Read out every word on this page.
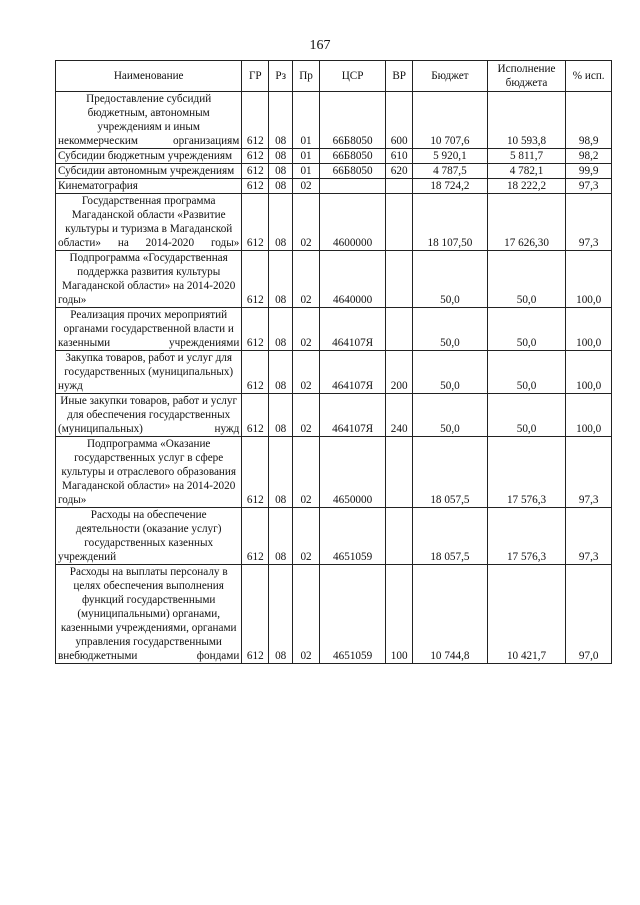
167
Наименование	ГР	Рз	Пр	ЦСР	ВР	Бюджет	Исполнение бюджета	% исп.

Предоставление субсидий бюджетным, автономным учреждениям и иным некоммерческим организациям	612	08	01	66Б8050	600	10 707,6	10 593,8	98,9

Субсидии бюджетным учреждениям	612	08	01	66Б8050	610	5 920,1	5 811,7	98,2

Субсидии автономным учреждениям	612	08	01	66Б8050	620	4 787,5	4 782,1	99,9

Кинематография	612	08	02			18 724,2	18 222,2	97,3

Государственная программа Магаданской области «Развитие культуры и туризма в Магаданской области» на 2014-2020 годы»	612	08	02	4600000		18 107,50	17 626,30	97,3

Подпрограмма «Государственная поддержка развития культуры Магаданской области» на 2014-2020 годы»	612	08	02	4640000		50,0	50,0	100,0

Реализация прочих мероприятий органами государственной власти и казенными учреждениями	612	08	02	464107Я		50,0	50,0	100,0

Закупка товаров, работ и услуг для государственных (муниципальных) нужд	612	08	02	464107Я	200	50,0	50,0	100,0

Иные закупки товаров, работ и услуг для обеспечения государственных (муниципальных) нужд	612	08	02	464107Я	240	50,0	50,0	100,0

Подпрограмма «Оказание государственных услуг в сфере культуры и отраслевого образования Магаданской области» на 2014-2020 годы»	612	08	02	4650000		18 057,5	17 576,3	97,3

Расходы на обеспечение деятельности (оказание услуг) государственных казенных учреждений	612	08	02	4651059		18 057,5	17 576,3	97,3

Расходы на выплаты персоналу в целях обеспечения выполнения функций государственными (муниципальными) органами, казенными учреждениями, органами управления государственными внебюджетными фондами	612	08	02	4651059	100	10 744,8	10 421,7	97,0
